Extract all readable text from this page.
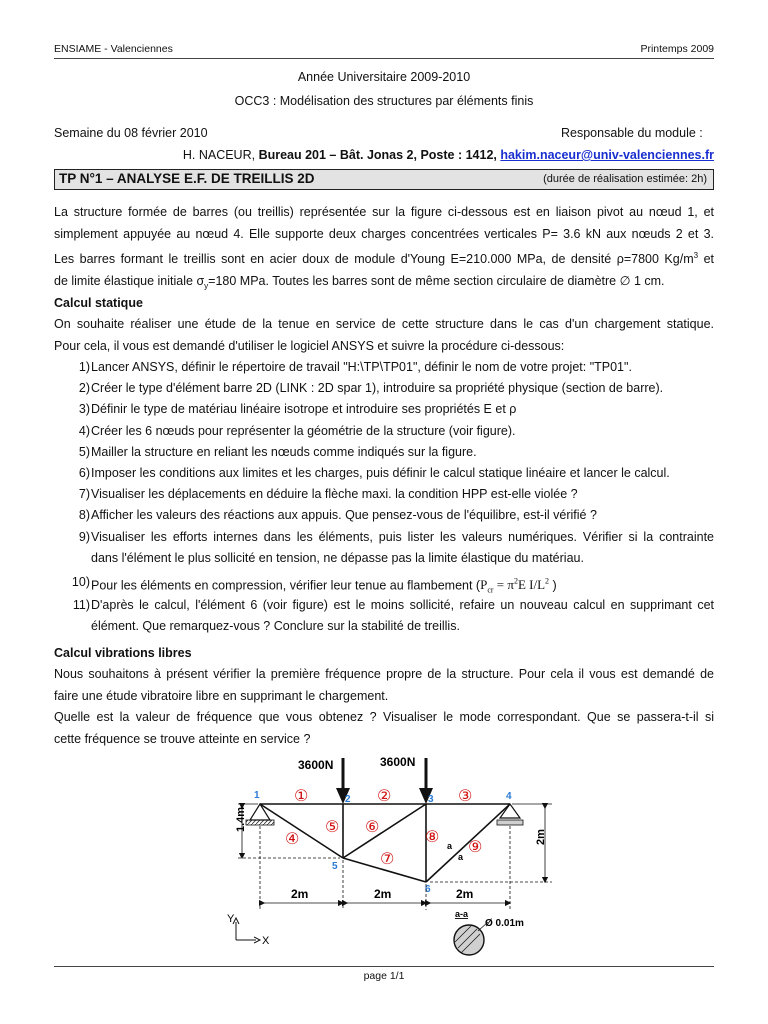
ENSIAME - Valenciennes	Printemps 2009
Année Universitaire 2009-2010
OCC3 : Modélisation des structures par éléments finis
Semaine du 08 février 2010	Responsable du module :
H. NACEUR, Bureau 201 – Bât. Jonas 2, Poste : 1412, hakim.naceur@univ-valenciennes.fr
TP N°1 – ANALYSE E.F. DE TREILLIS 2D	(durée de réalisation estimée: 2h)
La structure formée de barres (ou treillis) représentée sur la figure ci-dessous est en liaison pivot au nœud 1, et
simplement appuyée au nœud 4. Elle supporte deux charges concentrées verticales P= 3.6 kN aux nœuds 2 et 3.
Les barres formant le treillis sont en acier doux de module d'Young E=210.000 MPa, de densité ρ=7800 $Kg/m^3$ et
de limite élastique initiale $\sigma_y=180$ MPa. Toutes les barres sont de même section circulaire de diamètre ∅ 1 cm.
Calcul statique
On souhaite réaliser une étude de la tenue en service de cette structure dans le cas d'un chargement statique.
Pour cela, il vous est demandé d'utiliser le logiciel ANSYS et suivre la procédure ci-dessous:
1) Lancer ANSYS, définir le répertoire de travail "H:\TP\TP01", définir le nom de votre projet: "TP01".
2) Créer le type d'élément barre 2D (LINK : 2D spar 1), introduire sa propriété physique (section de barre).
3) Définir le type de matériau linéaire isotrope et introduire ses propriétés E et ρ
4) Créer les 6 nœuds pour représenter la géométrie de la structure (voir figure).
5) Mailler la structure en reliant les nœuds comme indiqués sur la figure.
6) Imposer les conditions aux limites et les charges, puis définir le calcul statique linéaire et lancer le calcul.
7) Visualiser les déplacements en déduire la flèche maxi. la condition HPP est-elle violée ?
8) Afficher les valeurs des réactions aux appuis. Que pensez-vous de l'équilibre, est-il vérifié ?
9) Visualiser les efforts internes dans les éléments, puis lister les valeurs numériques. Vérifier si la contrainte
dans l'élément le plus sollicité en tension, ne dépasse pas la limite élastique du matériau.
10) Pour les éléments en compression, vérifier leur tenue au flambement ($P_{cr} = \pi^2E$ $I/L^2$ )
11) D'après le calcul, l'élément 6 (voir figure) est le moins sollicité, refaire un nouveau calcul en supprimant cet
élément. Que remarquez-vous ? Conclure sur la stabilité de treillis.
Calcul vibrations libres
Nous souhaitons à présent vérifier la première fréquence propre de la structure. Pour cela il vous est demandé de
faire une étude vibratoire libre en supprimant le chargement.
Quelle est la valeur de fréquence que vous obtenez ? Visualiser le mode correspondant. Que se passera-t-il si
cette fréquence se trouve atteinte en service ?
3600N	3600N
1	2	3	4
5
6
①	②	③
④
⑤ ⑥
⑦
⑧
⑨
a
a
1.4m
2m
2m	2m	2m
Y
X
a-a
Ø 0.01m
page 1/1
